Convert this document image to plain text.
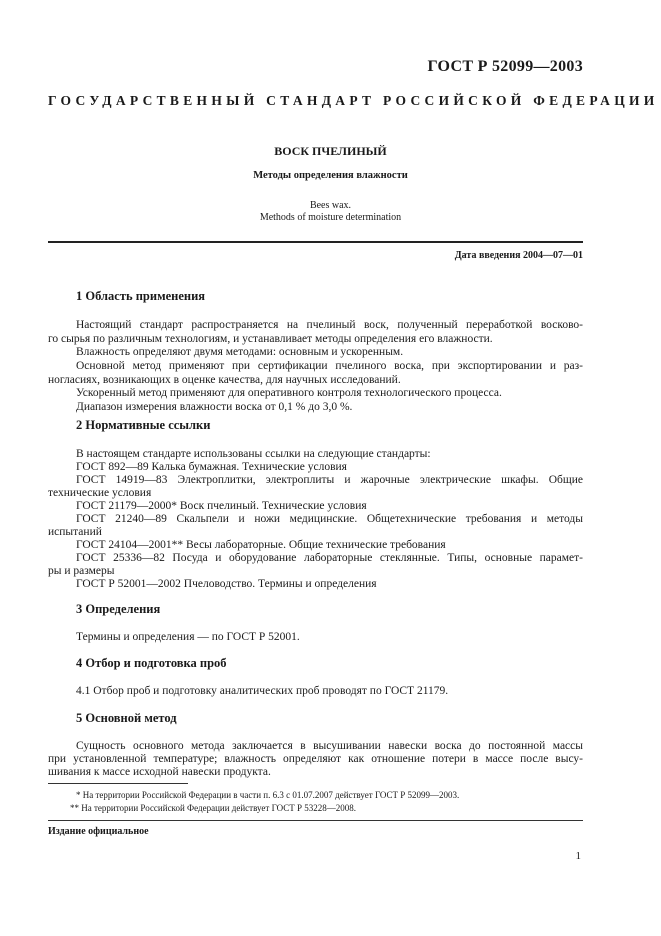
ГОСТ Р 52099—2003
ГОСУДАРСТВЕННЫЙ СТАНДАРТ РОССИЙСКОЙ ФЕДЕРАЦИИ
ВОСК ПЧЕЛИНЫЙ
Методы определения влажности
Bees wax.
Methods of moisture determination
Дата введения 2004—07—01
1 Область применения
Настоящий стандарт распространяется на пчелиный воск, полученный переработкой восково-
го сырья по различным технологиям, и устанавливает методы определения его влажности.
Влажность определяют двумя методами: основным и ускоренным.
Основной метод применяют при сертификации пчелиного воска, при экспортировании и раз-
ногласиях, возникающих в оценке качества, для научных исследований.
Ускоренный метод применяют для оперативного контроля технологического процесса.
Диапазон измерения влажности воска от 0,1 % до 3,0 %.
2 Нормативные ссылки
В настоящем стандарте использованы ссылки на следующие стандарты:
ГОСТ 892—89 Калька бумажная. Технические условия
ГОСТ 14919—83 Электроплитки, электроплиты и жарочные электрические шкафы. Общие
технические условия
ГОСТ 21179—2000* Воск пчелиный. Технические условия
ГОСТ 21240—89 Скальпели и ножи медицинские. Общетехнические требования и методы
испытаний
ГОСТ 24104—2001** Весы лабораторные. Общие технические требования
ГОСТ 25336—82 Посуда и оборудование лабораторные стеклянные. Типы, основные парамет-
ры и размеры
ГОСТ Р 52001—2002 Пчеловодство. Термины и определения
3 Определения
Термины и определения — по ГОСТ Р 52001.
4 Отбор и подготовка проб
4.1 Отбор проб и подготовку аналитических проб проводят по ГОСТ 21179.
5 Основной метод
Сущность основного метода заключается в высушивании навески воска до постоянной массы
при установленной температуре; влажность определяют как отношение потери в массе после высу-
шивания к массе исходной навески продукта.
* На территории Российской Федерации в части п. 6.3 с 01.07.2007 действует ГОСТ Р 52099—2003.
** На территории Российской Федерации действует ГОСТ Р 53228—2008.
Издание официальное
1
